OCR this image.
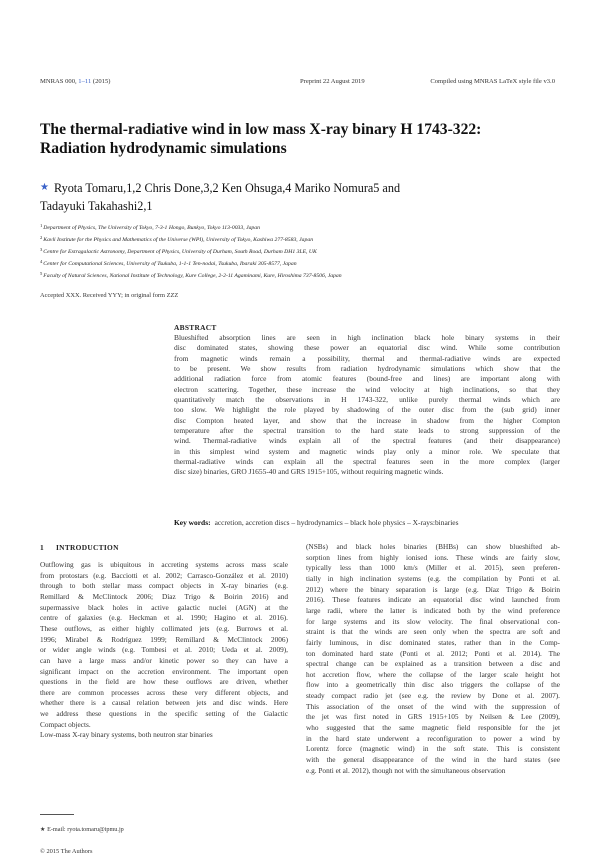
MNRAS 000, 1–11 (2015)	Preprint 22 August 2019	Compiled using MNRAS LaTeX style file v3.0
The thermal-radiative wind in low mass X-ray binary H 1743-322:
Radiation hydrodynamic simulations
★ Ryota Tomaru,1,2 Chris Done,3,2 Ken Ohsuga,4 Mariko Nomura5 and
Tadayuki Takahashi2,1
$^1$Department of Physics, The University of Tokyo, 7-3-1 Hongo, Bunkyo, Tokyo 113-0033, Japan
$^2$Kavli Institute for the Physics and Mathematics of the Universe (WPI), University of Tokyo, Kashiwa 277-8583, Japan
$^3$Centre for Extragalactic Astronomy, Department of Physics, University of Durham, South Road, Durham DH1 3LE, UK
$^4$Center for Computational Sciences, University of Tsukuba, 1-1-1 Ten-nodai, Tsukuba, Ibaraki 305-8577, Japan
$^5$Faculty of Natural Sciences, National Institute of Technology, Kure College, 2-2-11 Agaminami, Kure, Hiroshima 737-8506, Japan
Accepted XXX. Received YYY; in original form ZZZ
ABSTRACT
Blueshifted absorption lines are seen in high inclination black hole binary systems in their
disc dominated states, showing these power an equatorial disc wind. While some contribution
from magnetic winds remain a possibility, thermal and thermal-radiative winds are expected
to be present. We show results from radiation hydrodynamic simulations which show that the
additional radiation force from atomic features (bound-free and lines) are important along with
electron scattering. Together, these increase the wind velocity at high inclinations, so that they
quantitatively match the observations in H 1743-322, unlike purely thermal winds which are
too slow. We highlight the role played by shadowing of the outer disc from the (sub grid) inner
disc Compton heated layer, and show that the increase in shadow from the higher Compton
temperature after the spectral transition to the hard state leads to strong suppression of the
wind. Thermal-radiative winds explain all of the spectral features (and their disappearance)
in this simplest wind system and magnetic winds play only a minor role. We speculate that
thermal-radiative winds can explain all the spectral features seen in the more complex (larger
disc size) binaries, GRO J1655-40 and GRS 1915+105, without requiring magnetic winds.
Key words: accretion, accretion discs – hydrodynamics – black hole physics – X-rays:binaries
1 INTRODUCTION
Outflowing gas is ubiquitous in accreting systems across mass scale
from protostars (e.g. Bacciotti et al. 2002; Carrasco-González et al. 2010)
through to both stellar mass compact objects in X-ray binaries (e.g.
Remillard & McClintock 2006; Díaz Trigo & Boirin 2016) and
supermassive black holes in active galactic nuclei (AGN) at the
centre of galaxies (e.g. Heckman et al. 1990; Hagino et al. 2016).
These outflows, as either highly collimated jets (e.g. Burrows et al.
1996; Mirabel & Rodríguez 1999; Remillard & McClintock 2006)
or wider angle winds (e.g. Tombesi et al. 2010; Ueda et al. 2009),
can have a large mass and/or kinetic power so they can have a
significant impact on the accretion environment. The important open
questions in the field are how these outflows are driven, whether
there are common processes across these very different objects, and
whether there is a causal relation between jets and disc winds. Here
we address these questions in the specific setting of the Galactic
Compact objects.
Low-mass X-ray binary systems, both neutron star binaries
(NSBs) and black holes binaries (BHBs) can show blueshifted ab-
sorption lines from highly ionised ions. These winds are fairly slow,
typically less than 1000 km/s (Miller et al. 2015), seen preferen-
tially in high inclination systems (e.g. the compilation by Ponti et al.
2012) where the binary separation is large (e.g. Díaz Trigo & Boirin
2016). These features indicate an equatorial disc wind launched from
large radii, where the latter is indicated both by the wind preference
for large systems and its slow velocity. The final observational con-
straint is that the winds are seen only when the spectra are soft and
fairly luminous, in disc dominated states, rather than in the Comp-
ton dominated hard state (Ponti et al. 2012; Ponti et al. 2014). The
spectral change can be explained as a transition between a disc and
hot accretion flow, where the collapse of the larger scale height hot
flow into a geometrically thin disc also triggers the collapse of the
steady compact radio jet (see e.g. the review by Done et al. 2007).
This association of the onset of the wind with the suppression of
the jet was first noted in GRS 1915+105 by Neilsen & Lee (2009),
who suggested that the same magnetic field responsible for the jet
in the hard state underwent a reconfiguration to power a wind by
Lorentz force (magnetic wind) in the soft state. This is consistent
with the general disappearance of the wind in the hard states (see
e.g. Ponti et al. 2012), though not with the simultaneous observation
★ E-mail: ryota.tomaru@ipmu.jp
© 2015 The Authors
